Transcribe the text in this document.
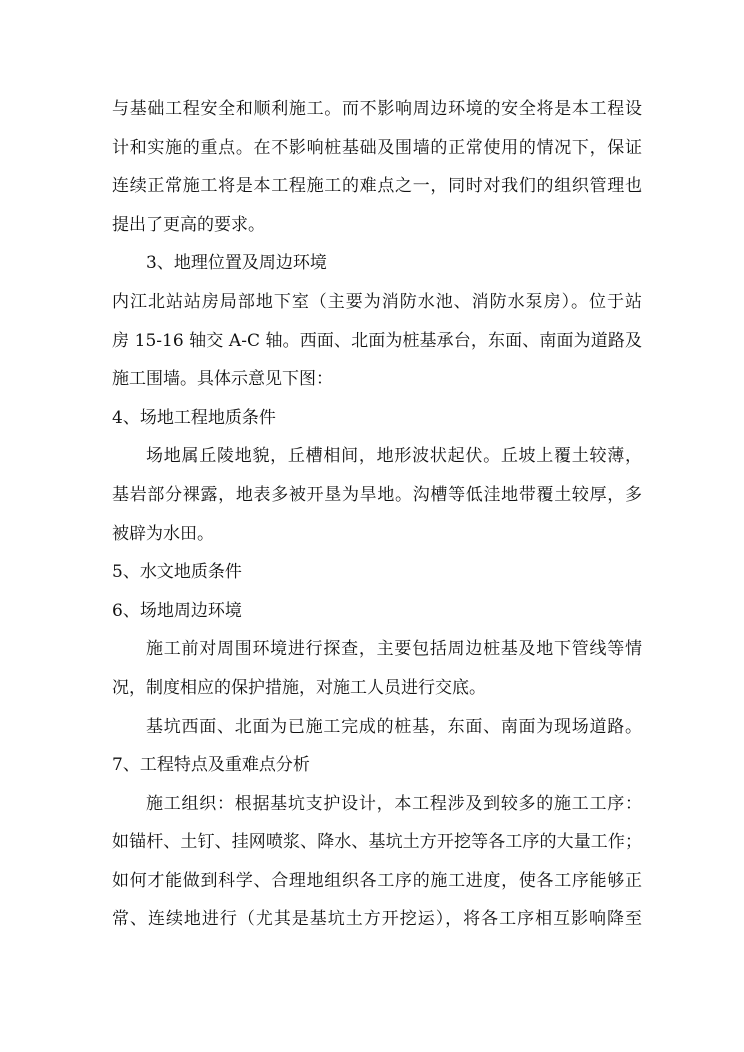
与基础工程安全和顺利施工。而不影响周边环境的安全将是本工程设
计和实施的重点。在不影响桩基础及围墙的正常使用的情况下，保证
连续正常施工将是本工程施工的难点之一，同时对我们的组织管理也
提出了更高的要求。
3、地理位置及周边环境
内江北站站房局部地下室（主要为消防水池、消防水泵房）。位于站
房 15-16 轴交 A-C 轴。西面、北面为桩基承台，东面、南面为道路及
施工围墙。具体示意见下图：
4、场地工程地质条件
场地属丘陵地貌，丘槽相间，地形波状起伏。丘坡上覆土较薄，
基岩部分裸露，地表多被开垦为旱地。沟槽等低洼地带覆土较厚，多
被辟为水田。
5、水文地质条件
6、场地周边环境
施工前对周围环境进行探查，主要包括周边桩基及地下管线等情
况，制度相应的保护措施，对施工人员进行交底。
基坑西面、北面为已施工完成的桩基，东面、南面为现场道路。
7、工程特点及重难点分析
施工组织：根据基坑支护设计，本工程涉及到较多的施工工序：
如锚杆、土钉、挂网喷浆、降水、基坑土方开挖等各工序的大量工作；
如何才能做到科学、合理地组织各工序的施工进度，使各工序能够正
常、连续地进行（尤其是基坑土方开挖运），将各工序相互影响降至
